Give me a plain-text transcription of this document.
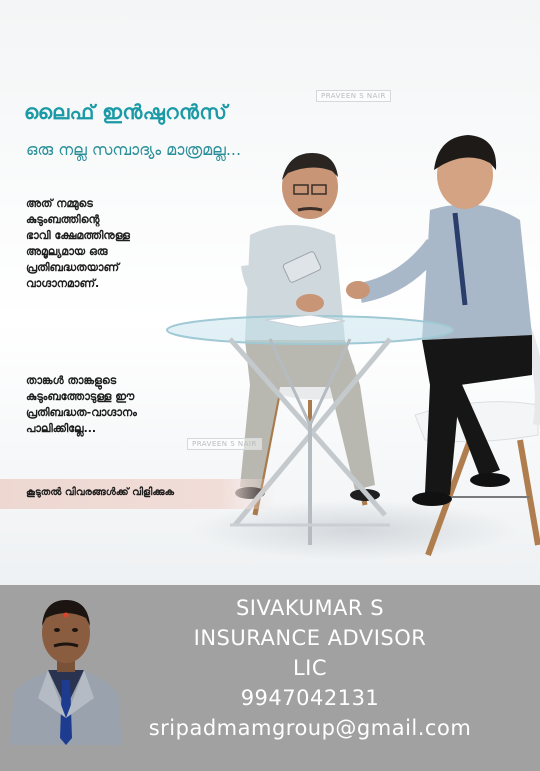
PRAVEEN S NAIR
PRAVEEN S NAIR
ലൈഫ് ഇൻഷുറൻസ്

ഒരു നല്ല സമ്പാദ്യം മാത്രമല്ല...

അത് നമ്മുടെ
കുടുംബത്തിന്റെ
ഭാവി ക്ഷേമത്തിനുള്ള
അമൂല്യമായ ഒരു
പ്രതിബദ്ധതയാണ്
വാഗ്ദാനമാണ്.

താങ്കൾ താങ്കളുടെ
കുടുംബത്തോടുള്ള ഈ
പ്രതിബദ്ധത-വാഗ്ദാനം
പാലിക്കില്ലേ...

കൂടുതൽ വിവരങ്ങൾക്ക് വിളിക്കുക
SIVAKUMAR S
INSURANCE ADVISOR
LIC
9947042131
sripadmamgroup@gmail.com
